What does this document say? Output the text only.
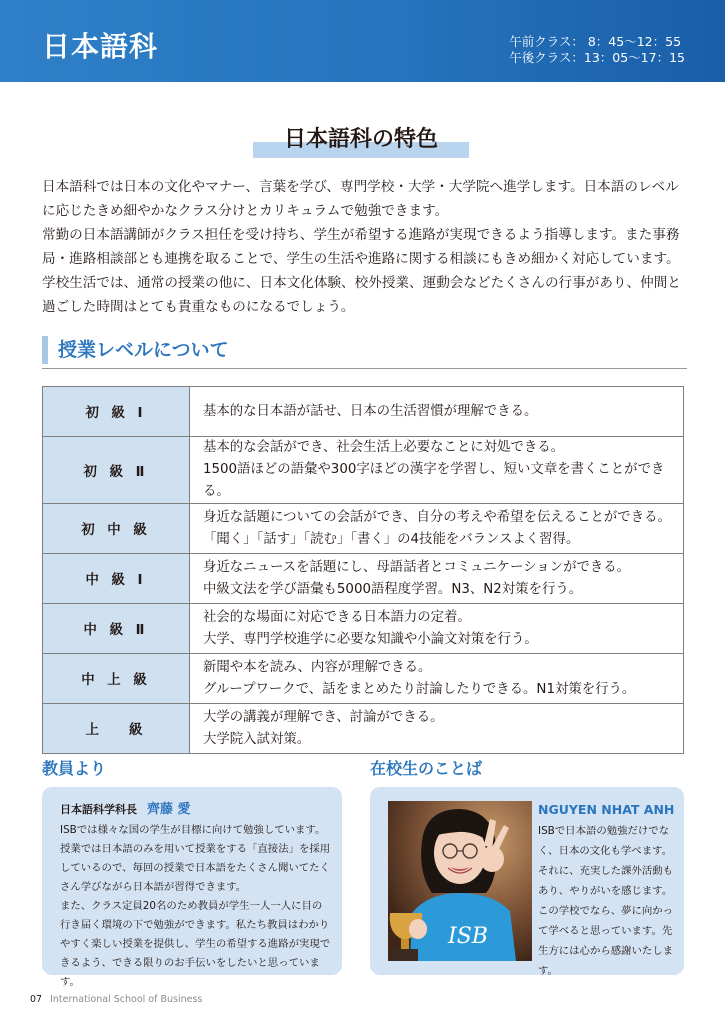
日本語科	午前クラス： 8：45～12：55
午後クラス：13：05～17：15
日本語科の特色

日本語科では日本の文化やマナー、言葉を学び、専門学校・大学・大学院へ進学します。日本語のレベルに応じたきめ細やかなクラス分けとカリキュラムで勉強できます。

常勤の日本語講師がクラス担任を受け持ち、学生が希望する進路が実現できるよう指導します。また事務局・進路相談部とも連携を取ることで、学生の生活や進路に関する相談にもきめ細かく対応しています。

学校生活では、通常の授業の他に、日本文化体験、校外授業、運動会などたくさんの行事があり、仲間と過ごした時間はとても貴重なものになるでしょう。

授業レベルについて
初 級 Ⅰ	基本的な日本語が話せ、日本の生活習慣が理解できる。

初 級 Ⅱ	基本的な会話ができ、社会生活上必要なことに対処できる。
1500語ほどの語彙や300字ほどの漢字を学習し、短い文章を書くことができる。

初 中 級	身近な話題についての会話ができ、自分の考えや希望を伝えることができる。
「聞く」「話す」「読む」「書く」の4技能をバランスよく習得。

中 級 Ⅰ	身近なニュースを話題にし、母語話者とコミュニケーションができる。
中級文法を学び語彙も5000語程度学習。N3、N2対策を行う。

中 級 Ⅱ	社会的な場面に対応できる日本語力の定着。
大学、専門学校進学に必要な知識や小論文対策を行う。

中 上 級	新聞や本を読み、内容が理解できる。
グループワークで、話をまとめたり討論したりできる。N1対策を行う。

上　 級	大学の講義が理解でき、討論ができる。
大学院入試対策。
教員より	在校生のことば
日本語科学科長 齊藤 愛

ISBでは様々な国の学生が目標に向けて勉強しています。授業では日本語のみを用いて授業をする「直接法」を採用しているので、毎回の授業で日本語をたくさん聞いてたくさん学びながら日本語が習得できます。

また、クラス定員20名のため教員が学生一人一人に目の行き届く環境の下で勉強ができます。私たち教員はわかりやすく楽しい授業を提供し、学生の希望する進路が実現できるよう、できる限りのお手伝いをしたいと思っています。

ISB
NGUYEN NHAT ANH
ISBで日本語の勉強だけでなく、日本の文化も学べます。それに、充実した課外活動もあり、やりがいを感じます。この学校でなら、夢に向かって学べると思っています。先生方には心から感謝いたします。
07 International School of Business
